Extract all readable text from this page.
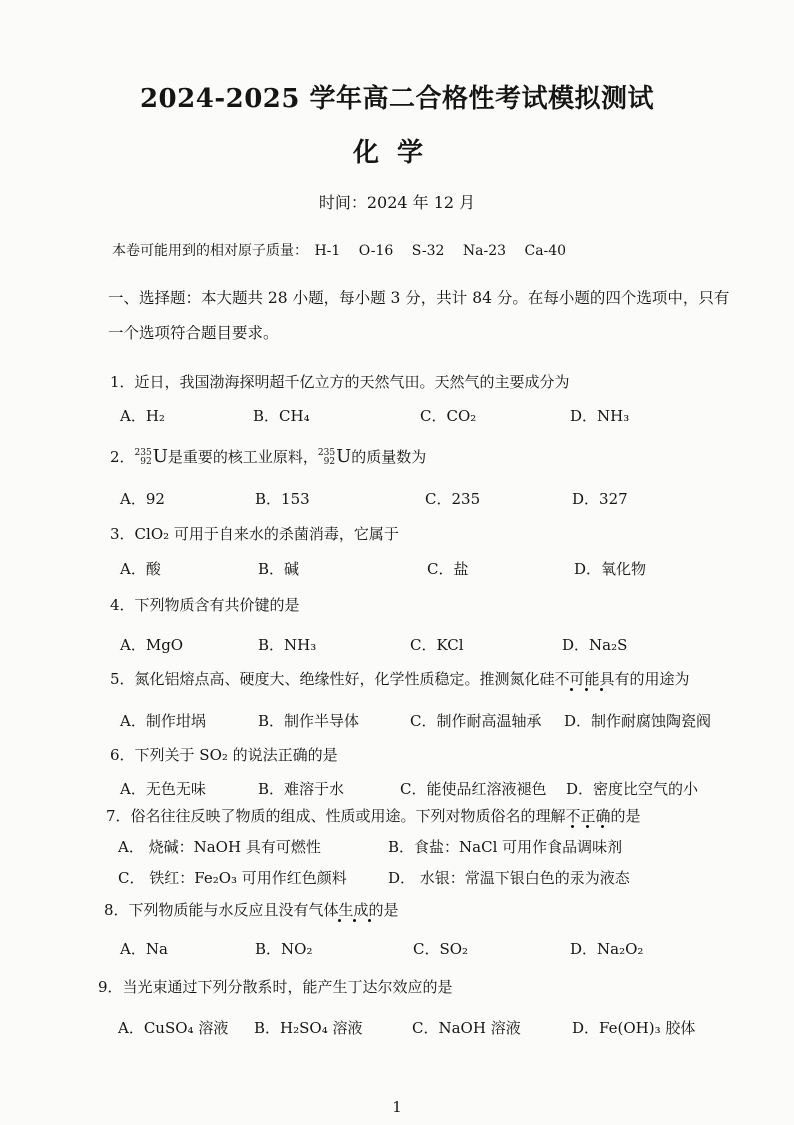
2024-2025 学年高二合格性考试模拟测试
化学
时间：2024 年 12 月
本卷可能用到的相对原子质量： H-1 O-16 S-32 Na-23 Ca-40
一、选择题：本大题共 28 小题，每小题 3 分，共计 84 分。在每小题的四个选项中，只有
一个选项符合题目要求。
1．近日，我国渤海探明超千亿立方的天然气田。天然气的主要成分为
A．H₂	B．CH₄	C．CO₂	D．NH₃
2．235
92U是重要的核工业原料，235
92U的质量数为
A．92	B．153	C．235	D．327
3．ClO₂ 可用于自来水的杀菌消毒，它属于
A．酸	B．碱	C．盐	D．氧化物
4．下列物质含有共价键的是
A．MgO	B．NH₃	C．KCl	D．Na₂S
5．氮化铝熔点高、硬度大、绝缘性好，化学性质稳定。推测氮化硅不可能具有的用途为
A．制作坩埚	B．制作半导体	C．制作耐高温轴承 D．制作耐腐蚀陶瓷阀
6．下列关于 SO₂ 的说法正确的是
A．无色无味	B．难溶于水	C．能使品红溶液褪色 D．密度比空气的小
7．俗名往往反映了物质的组成、性质或用途。下列对物质俗名的理解不正确的是
A． 烧碱：NaOH 具有可燃性	B．食盐：NaCl 可用作食品调味剂
C． 铁红：Fe₂O₃ 可用作红色颜料	D． 水银：常温下银白色的汞为液态
8．下列物质能与水反应且没有气体生成的是
A．Na	B．NO₂	C．SO₂	D．Na₂O₂
9．当光束通过下列分散系时，能产生丁达尔效应的是
A．CuSO₄ 溶液 B．H₂SO₄ 溶液	C．NaOH 溶液	D．Fe(OH)₃ 胶体
1
